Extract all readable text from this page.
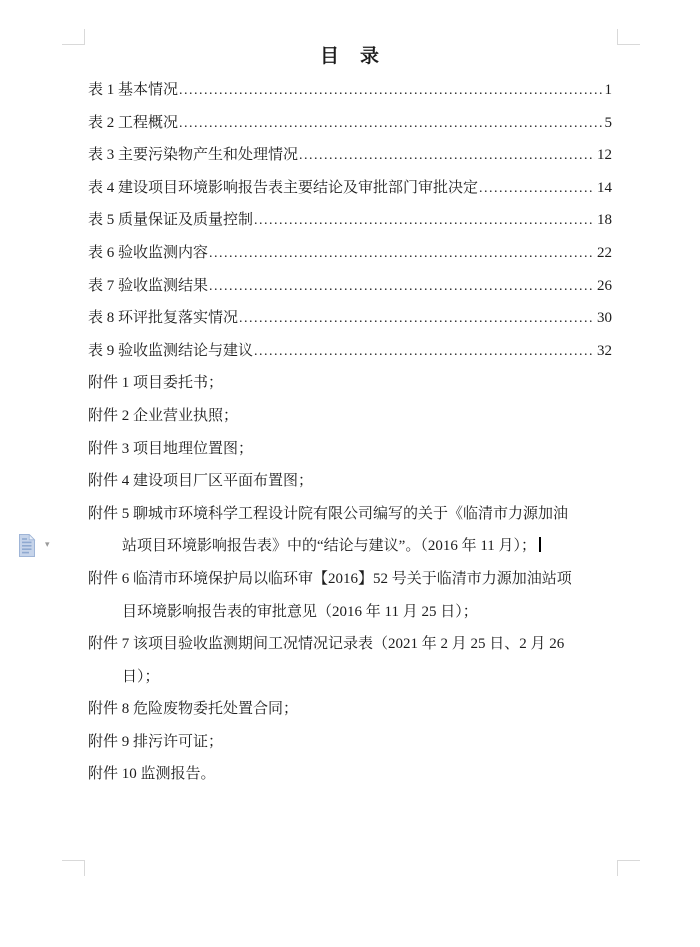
目　录
表 1 基本情况 .....	1
表 2 工程概况 .....	5
表 3 主要污染物产生和处理情况 .....	12
表 4 建设项目环境影响报告表主要结论及审批部门审批决定 .....	14
表 5 质量保证及质量控制 .....	18
表 6 验收监测内容 .....	22
表 7 验收监测结果 .....	26
表 8 环评批复落实情况 .....	30
表 9 验收监测结论与建议 .....	32
附件 1 项目委托书；
附件 2 企业营业执照；
附件 3 项目地理位置图；
附件 4 建设项目厂区平面布置图；
附件 5 聊城市环境科学工程设计院有限公司编写的关于《临清市力源加油
站项目环境影响报告表》中的“结论与建议”。（2016 年 11 月）；
附件 6 临清市环境保护局以临环审【2016】52 号关于临清市力源加油站项
目环境影响报告表的审批意见（2016 年 11 月 25 日）；
附件 7 该项目验收监测期间工况情况记录表（2021 年 2 月 25 日、2 月 26
日）；
附件 8 危险废物委托处置合同；
附件 9 排污许可证；
附件 10 监测报告。
▾
